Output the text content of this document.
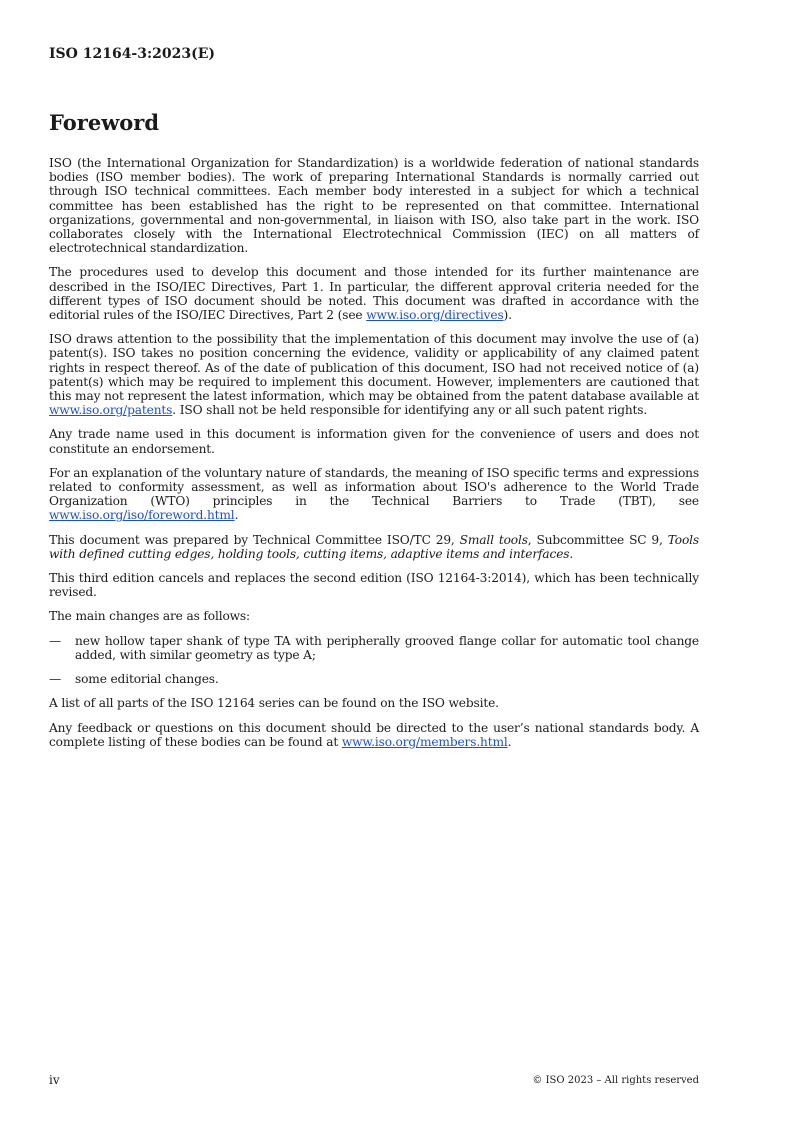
ISO 12164-3:2023(E)
Foreword

ISO (the International Organization for Standardization) is a worldwide federation of national standards bodies (ISO member bodies). The work of preparing International Standards is normally carried out through ISO technical committees. Each member body interested in a subject for which a technical committee has been established has the right to be represented on that committee. International organizations, governmental and non-governmental, in liaison with ISO, also take part in the work. ISO collaborates closely with the International Electrotechnical Commission (IEC) on all matters of electrotechnical standardization.

The procedures used to develop this document and those intended for its further maintenance are described in the ISO/IEC Directives, Part 1. In particular, the different approval criteria needed for the different types of ISO document should be noted. This document was drafted in accordance with the editorial rules of the ISO/IEC Directives, Part 2 (see www.iso.org/directives).

ISO draws attention to the possibility that the implementation of this document may involve the use of (a) patent(s). ISO takes no position concerning the evidence, validity or applicability of any claimed patent rights in respect thereof. As of the date of publication of this document, ISO had not received notice of (a) patent(s) which may be required to implement this document. However, implementers are cautioned that this may not represent the latest information, which may be obtained from the patent database available at www.iso.org/patents. ISO shall not be held responsible for identifying any or all such patent rights.

Any trade name used in this document is information given for the convenience of users and does not constitute an endorsement.

For an explanation of the voluntary nature of standards, the meaning of ISO specific terms and expressions related to conformity assessment, as well as information about ISO's adherence to the World Trade Organization (WTO) principles in the Technical Barriers to Trade (TBT), see www.iso.org/iso/foreword.html.

This document was prepared by Technical Committee ISO/TC 29, Small tools, Subcommittee SC 9, Tools with defined cutting edges, holding tools, cutting items, adaptive items and interfaces.

This third edition cancels and replaces the second edition (ISO 12164-3:2014), which has been technically revised.

The main changes are as follows:

— new hollow taper shank of type TA with peripherally grooved flange collar for automatic tool change added, with similar geometry as type A;
— some editorial changes.

A list of all parts of the ISO 12164 series can be found on the ISO website.

Any feedback or questions on this document should be directed to the user’s national standards body. A complete listing of these bodies can be found at www.iso.org/members.html.

iv	© ISO 2023 – All rights reserved
